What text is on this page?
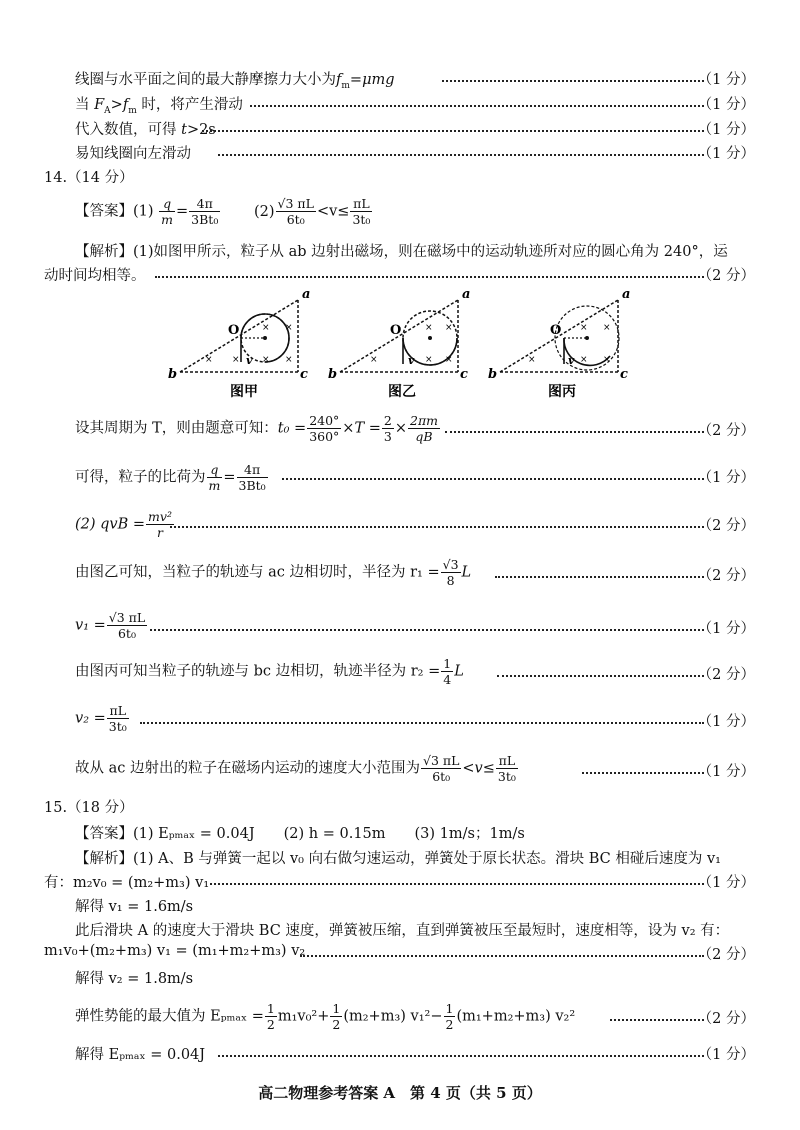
线圈与水平面之间的最大静摩擦力大小为$f_m=\mu mg$	（1 分）
当 $F_A>f_m$ 时，将产生滑动	（1 分）
代入数值，可得 t>2s	（1 分）
易知线圈向左滑动	（1 分）
14.（14 分）
【答案】$(1) \frac{q}{m} = \frac{4\pi}{\text{3Bt₀}} (2) \frac{√3 \pi L}{\text{6t₀}} <v\le \frac{\pi L}{\text{3t₀}}$
【解析】(1)如图甲所示，粒子从 ab 边射出磁场，则在磁场中的运动轨迹所对应的圆心角为 240°，运
动时间均相等。	（2 分）
O
v
a
b	c
图甲
×	× ×
× ×
×
O
v
a
b	c
图乙
×	× ×
× ×	O
v
a
b	c
图丙
×	× ×
× ×
设其周期为 T，则由题意可知：$t_0 = \frac{240^\circ}{360^\circ} \times T = \frac{2}{3} \times \frac{2\pi m}{qB}$	（2 分）
可得，粒子的比荷为 $\frac{q}{m} = \frac{4\pi}{\text{3Bt₀}}$	（1 分）
(2) qvB = $\frac{\text{mv²}}{r}$	（2 分）
由图乙可知，当粒子的轨迹与 ac 边相切时，半径为 $r_1 = \frac{√3}{8}$ L	（2 分）
$v_1 = \frac{√3 \pi L}{\text{6t₀}}$	（1 分）
由图丙可知当粒子的轨迹与 bc 边相切，轨迹半径为 $r_2 = \frac{1}{4}$ L	（2 分）
$v_2 = \frac{\pi L}{\text{3t₀}}$	（1 分）
故从 ac 边射出的粒子在磁场内运动的速度大小范围为 $\frac{√3 \pi L}{\text{6t₀}} <v\le \frac{\pi L}{\text{3t₀}}$	（1 分）
15.（18 分）
【答案】(1) Eₚₘₐₓ = 0.04J　　(2) h = 0.15m　　(3) 1m/s；1m/s
【解析】(1) A、B 与弹簧一起以 v₀ 向右做匀速运动，弹簧处于原长状态。滑块 BC 相碰后速度为 v₁
有：m₂v₀ = (m₂+m₃) v₁	（1 分）
解得 v₁ = 1.6m/s
此后滑块 A 的速度大于滑块 BC 速度，弹簧被压缩，直到弹簧被压至最短时，速度相等，设为 v₂ 有：
m₁v₀+(m₂+m₃) v₁ = (m₁+m₂+m₃) v₂	（2 分）
解得 v₂ = 1.8m/s
弹性势能的最大值为 $E_{pmax} = \frac{1}{2} m_1v_0^2+ \frac{1}{2} (m_2+m_3)$ $v_1^2- \frac{1}{2} (m_1+m_2+m_3)$ v₂²	（2 分）
解得 Eₚₘₐₓ = 0.04J	（1 分）
高二物理参考答案 A　第 4 页（共 5 页）
